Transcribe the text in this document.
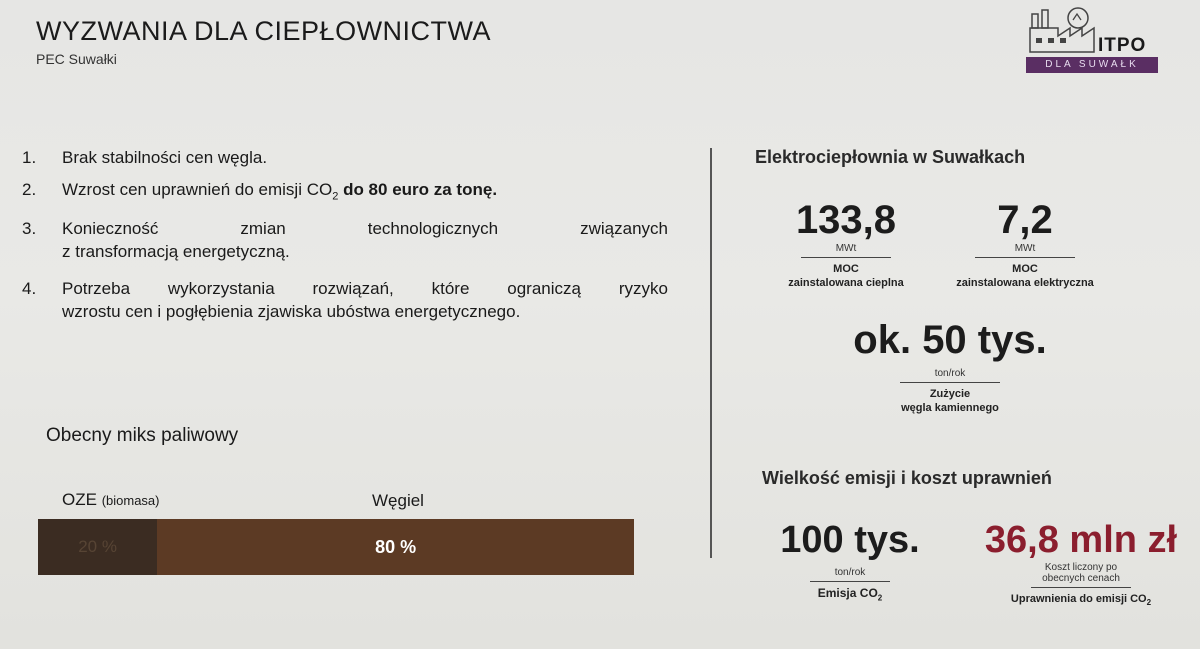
WYZWANIA DLA CIEPŁOWNICTWA
PEC Suwałki
ITPO
DLA SUWAŁK
1. Brak stabilności cen węgla.
2. Wzrost cen uprawnień do emisji $CO_2$ do 80 euro za tonę.
3. Konieczność	zmian	technologicznych	związanych
z transformacją energetyczną.
4. Potrzeba wykorzystania rozwiązań, które ograniczą ryzyko
wzrostu cen i pogłębienia zjawiska ubóstwa energetycznego.
Obecny miks paliwowy
OZE (biomasa)	Węgiel
20 %	80 %
Elektrociepłownia w Suwałkach
133,8
MWt
MOC
zainstalowana cieplna
7,2
MWt
MOC
zainstalowana elektryczna
ok. 50 tys.
ton/rok
Zużycie
węgla kamiennego
Wielkość emisji i koszt uprawnień
100 tys.
ton/rok
Emisja $CO_2$
36,8 mln zł
Koszt liczony po
obecnych cenach
Uprawnienia do emisji $CO_2$
